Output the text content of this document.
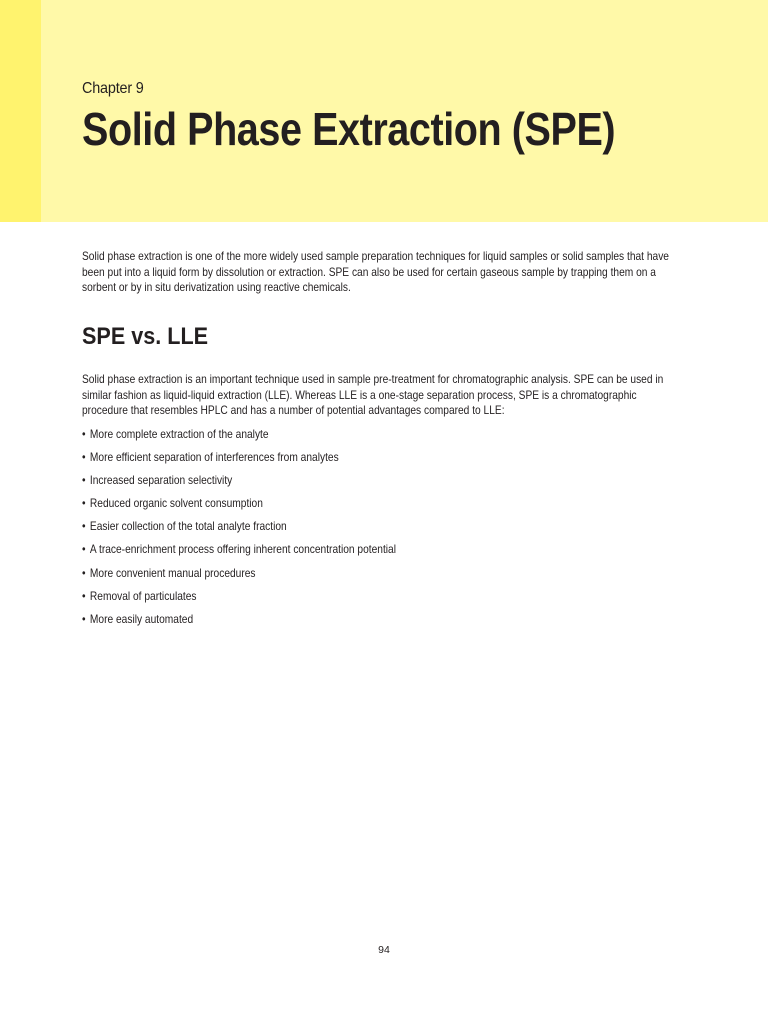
Chapter 9
Solid Phase Extraction (SPE)

Solid phase extraction is one of the more widely used sample preparation techniques for liquid samples or solid samples that have been put into a liquid form by dissolution or extraction. SPE can also be used for certain gaseous sample by trapping them on a sorbent or by in situ derivatization using reactive chemicals.

SPE vs. LLE

Solid phase extraction is an important technique used in sample pre-treatment for chromatographic analysis. SPE can be used in similar fashion as liquid-liquid extraction (LLE). Whereas LLE is a one-stage separation process, SPE is a chromatographic procedure that resembles HPLC and has a number of potential advantages compared to LLE:

• More complete extraction of the analyte
• More efficient separation of interferences from analytes
• Increased separation selectivity
• Reduced organic solvent consumption
• Easier collection of the total analyte fraction
• A trace-enrichment process offering inherent concentration potential
• More convenient manual procedures
• Removal of particulates
• More easily automated
94
